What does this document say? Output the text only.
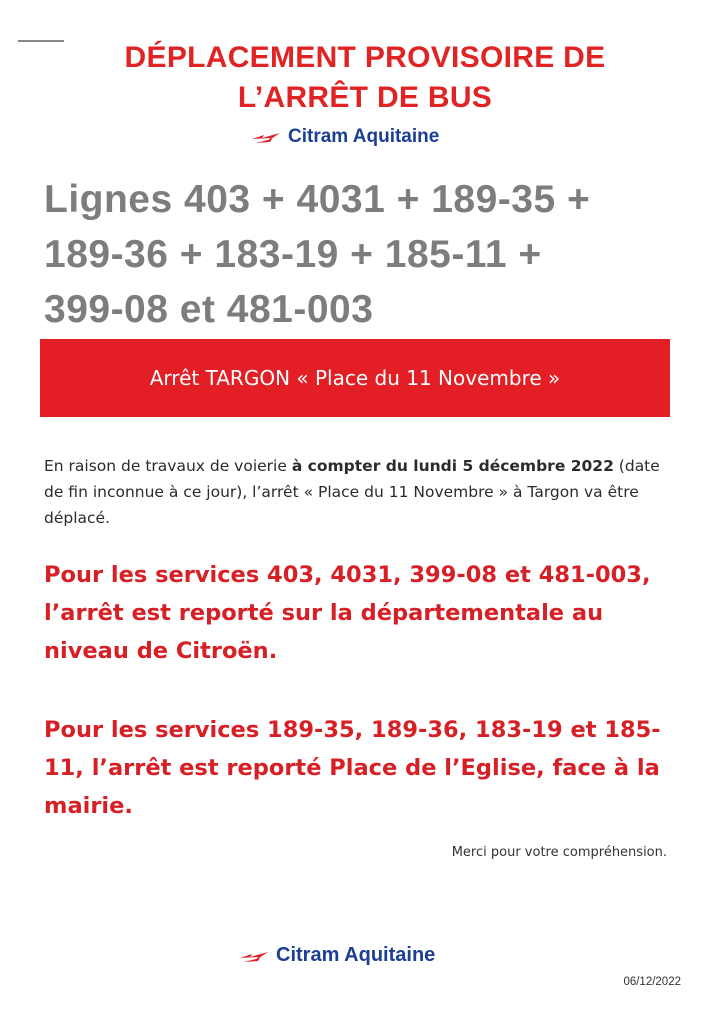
DÉPLACEMENT PROVISOIRE DE
L’ARRÊT DE BUS
Citram Aquitaine
Lignes 403 + 4031 + 189-35 +
189-36 + 183-19 + 185-11 +
399-08 et 481-003
Arrêt TARGON « Place du 11 Novembre »
En raison de travaux de voierie à compter du lundi 5 décembre 2022 (date de fin inconnue à ce jour), l’arrêt « Place du 11 Novembre » à Targon va être déplacé.
Pour les services 403, 4031, 399-08 et 481-003, l’arrêt est reporté sur la départementale au niveau de Citroën.
Pour les services 189-35, 189-36, 183-19 et 185-11, l’arrêt est reporté Place de l’Eglise, face à la mairie.
Merci pour votre compréhension.
Citram Aquitaine
06/12/2022
